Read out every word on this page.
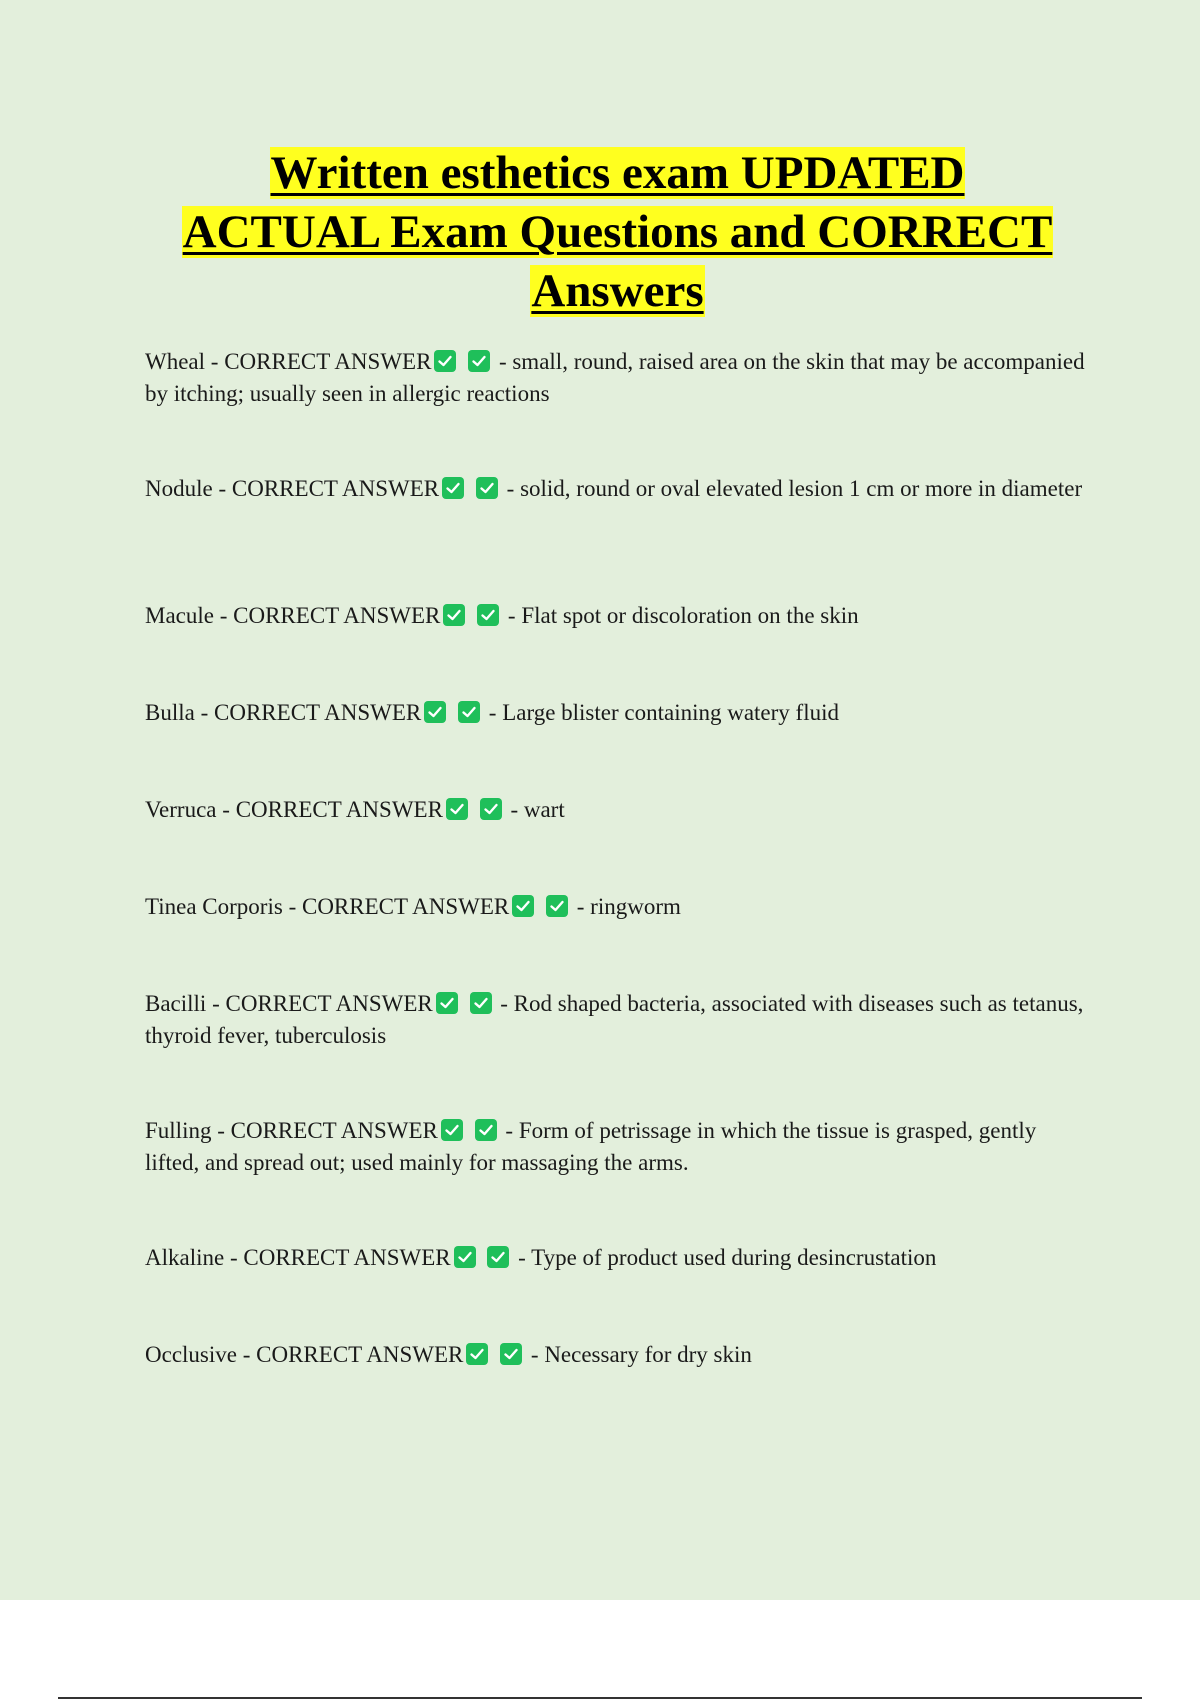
Written esthetics exam UPDATED
ACTUAL Exam Questions and CORRECT
Answers
Wheal - CORRECT ANSWER
	- small, round, raised area on the skin that may be accompanied by itching; usually seen in allergic reactions
Nodule - CORRECT ANSWER
	- solid, round or oval elevated lesion 1 cm or more in diameter
Macule - CORRECT ANSWER
	- Flat spot or discoloration on the skin
Bulla - CORRECT ANSWER
	- Large blister containing watery fluid
Verruca - CORRECT ANSWER
	- wart
Tinea Corporis - CORRECT ANSWER
	- ringworm
Bacilli - CORRECT ANSWER
	- Rod shaped bacteria, associated with diseases such as tetanus, thyroid fever, tuberculosis
Fulling - CORRECT ANSWER
	- Form of petrissage in which the tissue is grasped, gently lifted, and spread out; used mainly for massaging the arms.
Alkaline - CORRECT ANSWER
	- Type of product used during desincrustation
Occlusive - CORRECT ANSWER
	- Necessary for dry skin
